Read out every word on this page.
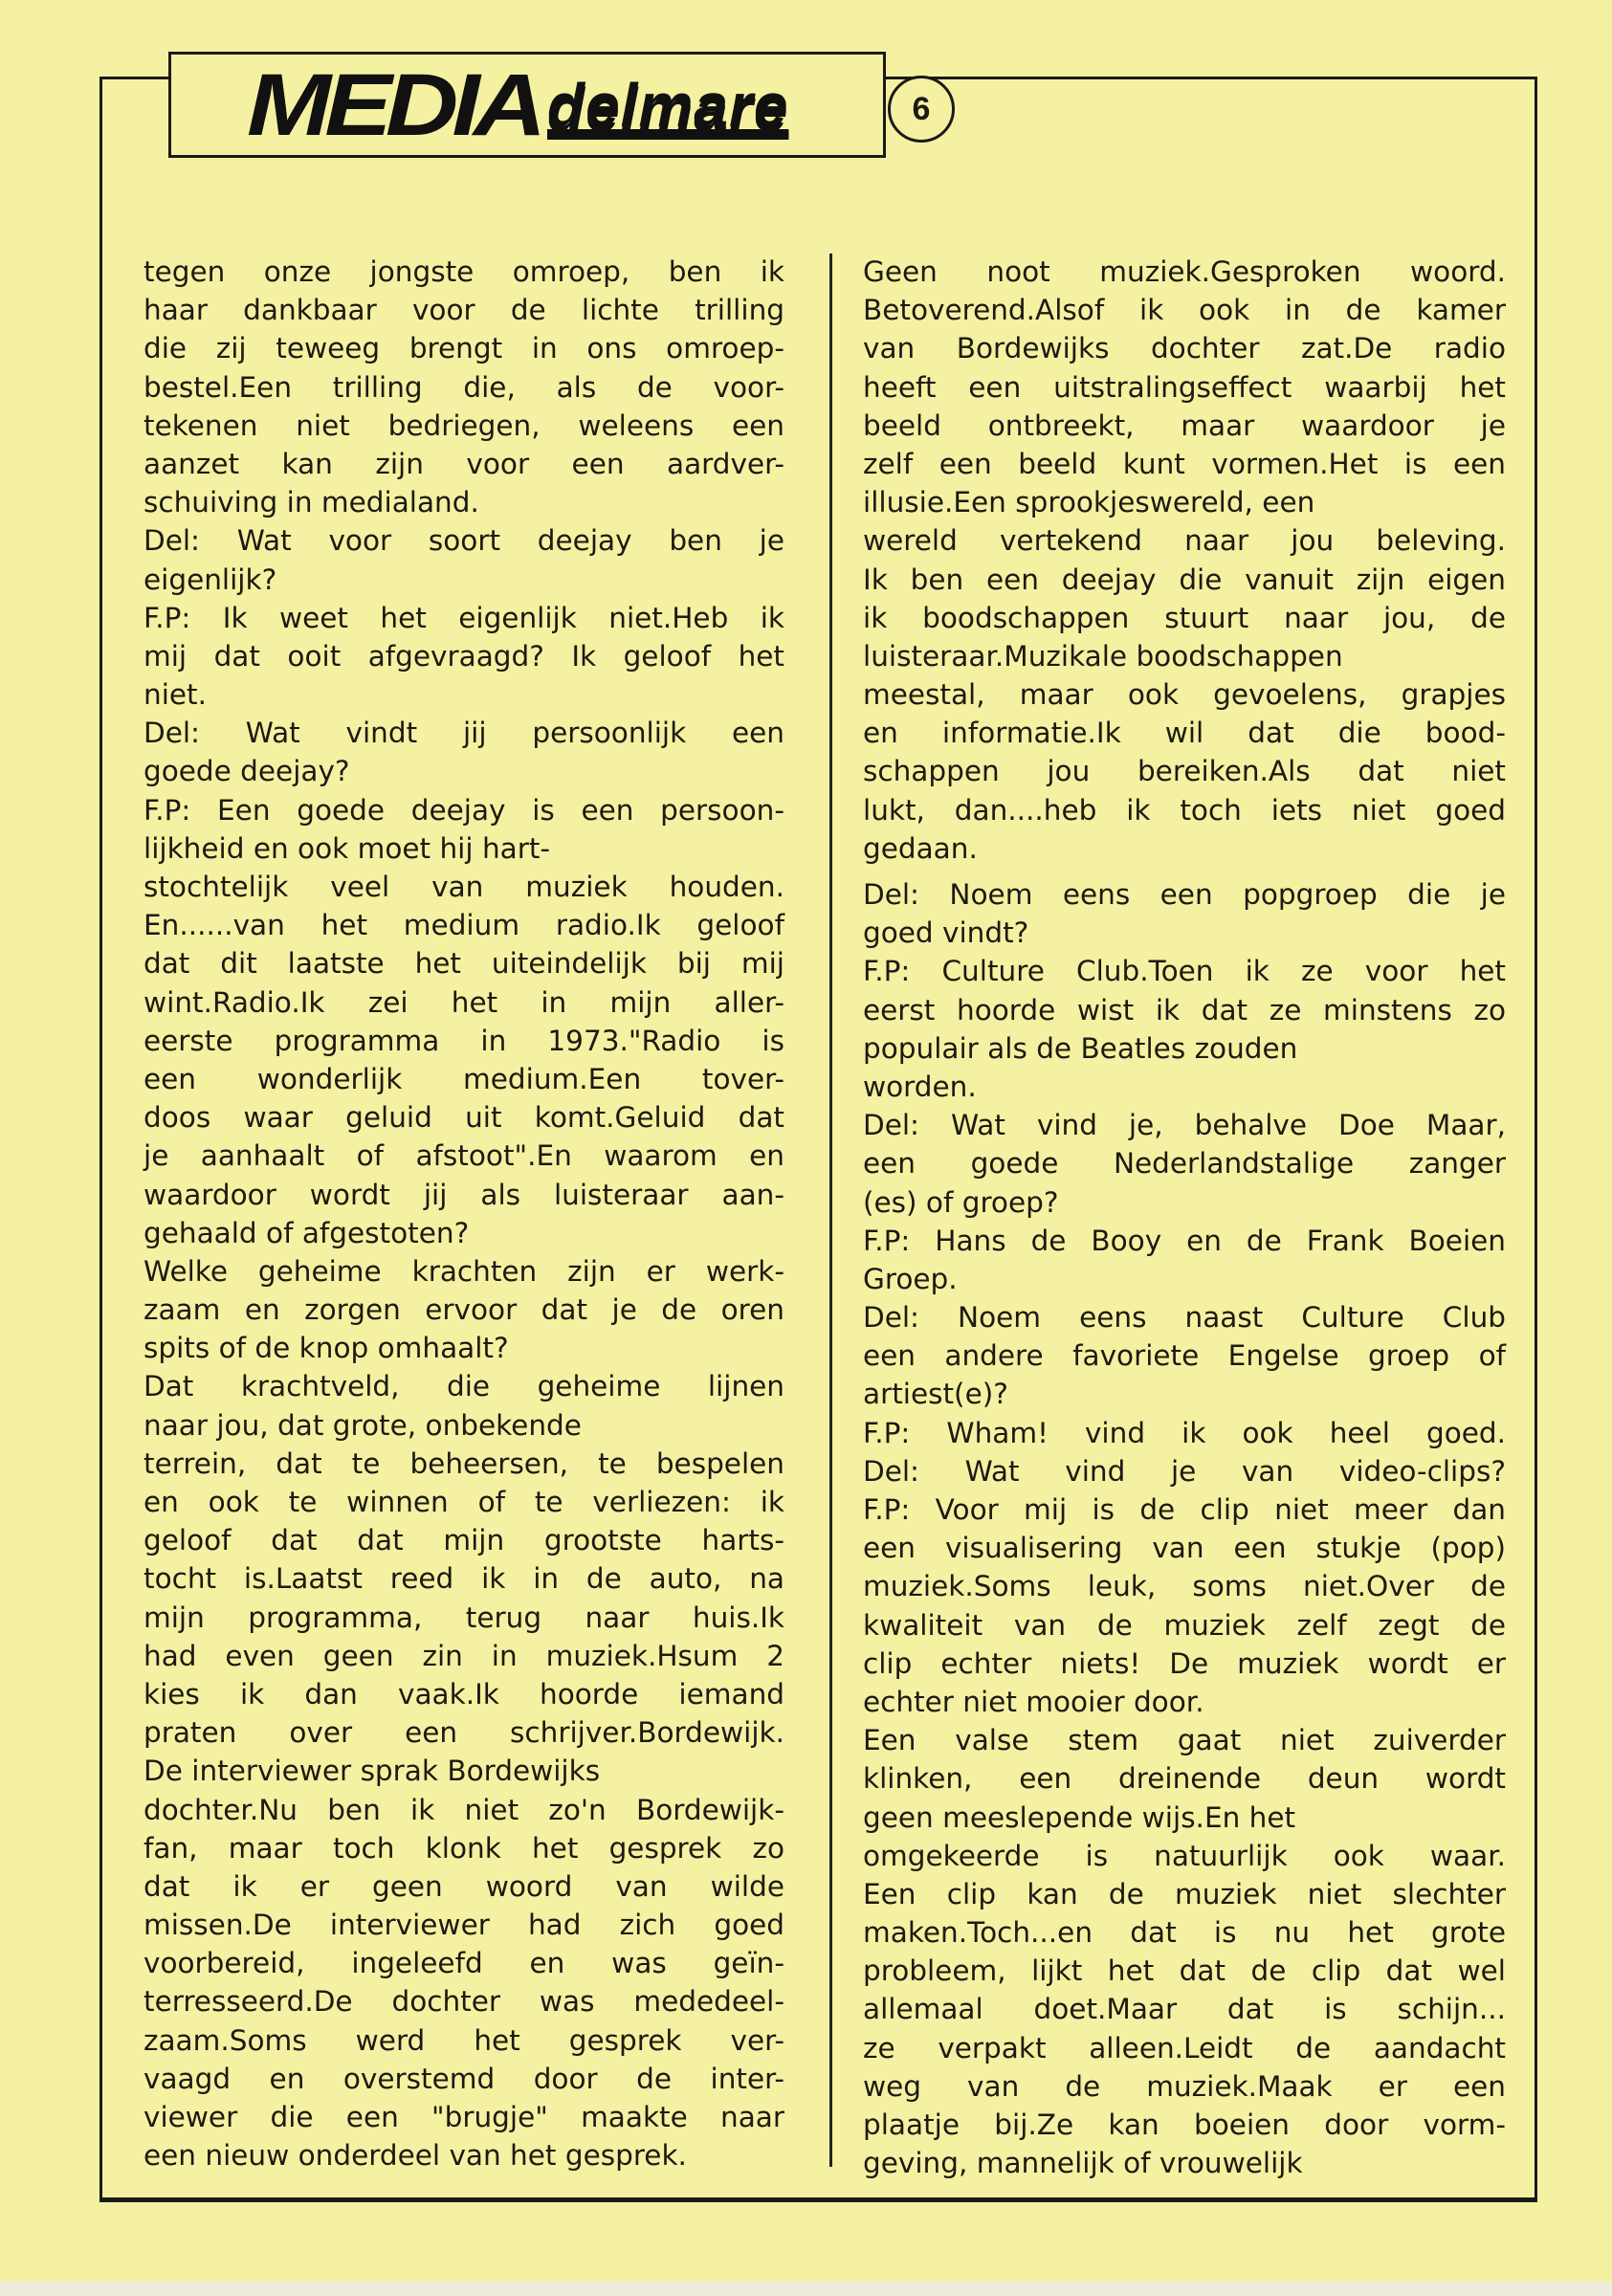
MEDIA delmare	6
tegen onze jongste omroep, ben ik
haar dankbaar voor de lichte trilling
die zij teweeg brengt in ons omroep-
bestel.Een trilling die, als de voor-
tekenen niet bedriegen, weleens een
aanzet kan zijn voor een aardver-
schuiving in medialand.
Del: Wat voor soort deejay ben je
eigenlijk?
F.P: Ik weet het eigenlijk niet.Heb ik
mij dat ooit afgevraagd? Ik geloof het
niet.
Del: Wat vindt jij persoonlijk een
goede deejay?
F.P: Een goede deejay is een persoon-
lijkheid en ook moet hij hart-
stochtelijk veel van muziek houden.
En......van het medium radio.Ik geloof
dat dit laatste het uiteindelijk bij mij
wint.Radio.Ik zei het in mijn aller-
eerste programma in 1973."Radio is
een wonderlijk medium.Een tover-
doos waar geluid uit komt.Geluid dat
je aanhaalt of afstoot".En waarom en
waardoor wordt jij als luisteraar aan-
gehaald of afgestoten?
Welke geheime krachten zijn er werk-
zaam en zorgen ervoor dat je de oren
spits of de knop omhaalt?
Dat krachtveld, die geheime lijnen
naar jou, dat grote, onbekende
terrein, dat te beheersen, te bespelen
en ook te winnen of te verliezen: ik
geloof dat dat mijn grootste harts-
tocht is.Laatst reed ik in de auto, na
mijn programma, terug naar huis.Ik
had even geen zin in muziek.Hsum 2
kies ik dan vaak.Ik hoorde iemand
praten over een schrijver.Bordewijk.
De interviewer sprak Bordewijks
dochter.Nu ben ik niet zo'n Bordewijk-
fan, maar toch klonk het gesprek zo
dat ik er geen woord van wilde
missen.De interviewer had zich goed
voorbereid, ingeleefd en was geïn-
terresseerd.De dochter was mededeel-
zaam.Soms werd het gesprek ver-
vaagd en overstemd door de inter-
viewer die een "brugje" maakte naar
een nieuw onderdeel van het gesprek.
Geen noot muziek.Gesproken woord.
Betoverend.Alsof ik ook in de kamer
van Bordewijks dochter zat.De radio
heeft een uitstralingseffect waarbij het
beeld ontbreekt, maar waardoor je
zelf een beeld kunt vormen.Het is een
illusie.Een sprookjeswereld, een
wereld vertekend naar jou beleving.
Ik ben een deejay die vanuit zijn eigen
ik boodschappen stuurt naar jou, de
luisteraar.Muzikale boodschappen
meestal, maar ook gevoelens, grapjes
en informatie.Ik wil dat die bood-
schappen jou bereiken.Als dat niet
lukt, dan....heb ik toch iets niet goed
gedaan.
Del: Noem eens een popgroep die je
goed vindt?
F.P: Culture Club.Toen ik ze voor het
eerst hoorde wist ik dat ze minstens zo
populair als de Beatles zouden
worden.
Del: Wat vind je, behalve Doe Maar,
een goede Nederlandstalige zanger
(es) of groep?
F.P: Hans de Booy en de Frank Boeien
Groep.
Del: Noem eens naast Culture Club
een andere favoriete Engelse groep of
artiest(e)?
F.P: Wham! vind ik ook heel goed.
Del: Wat vind je van video-clips?
F.P: Voor mij is de clip niet meer dan
een visualisering van een stukje (pop)
muziek.Soms leuk, soms niet.Over de
kwaliteit van de muziek zelf zegt de
clip echter niets! De muziek wordt er
echter niet mooier door.
Een valse stem gaat niet zuiverder
klinken, een dreinende deun wordt
geen meeslepende wijs.En het
omgekeerde is natuurlijk ook waar.
Een clip kan de muziek niet slechter
maken.Toch...en dat is nu het grote
probleem, lijkt het dat de clip dat wel
allemaal doet.Maar dat is schijn...
ze verpakt alleen.Leidt de aandacht
weg van de muziek.Maak er een
plaatje bij.Ze kan boeien door vorm-
geving, mannelijk of vrouwelijk
